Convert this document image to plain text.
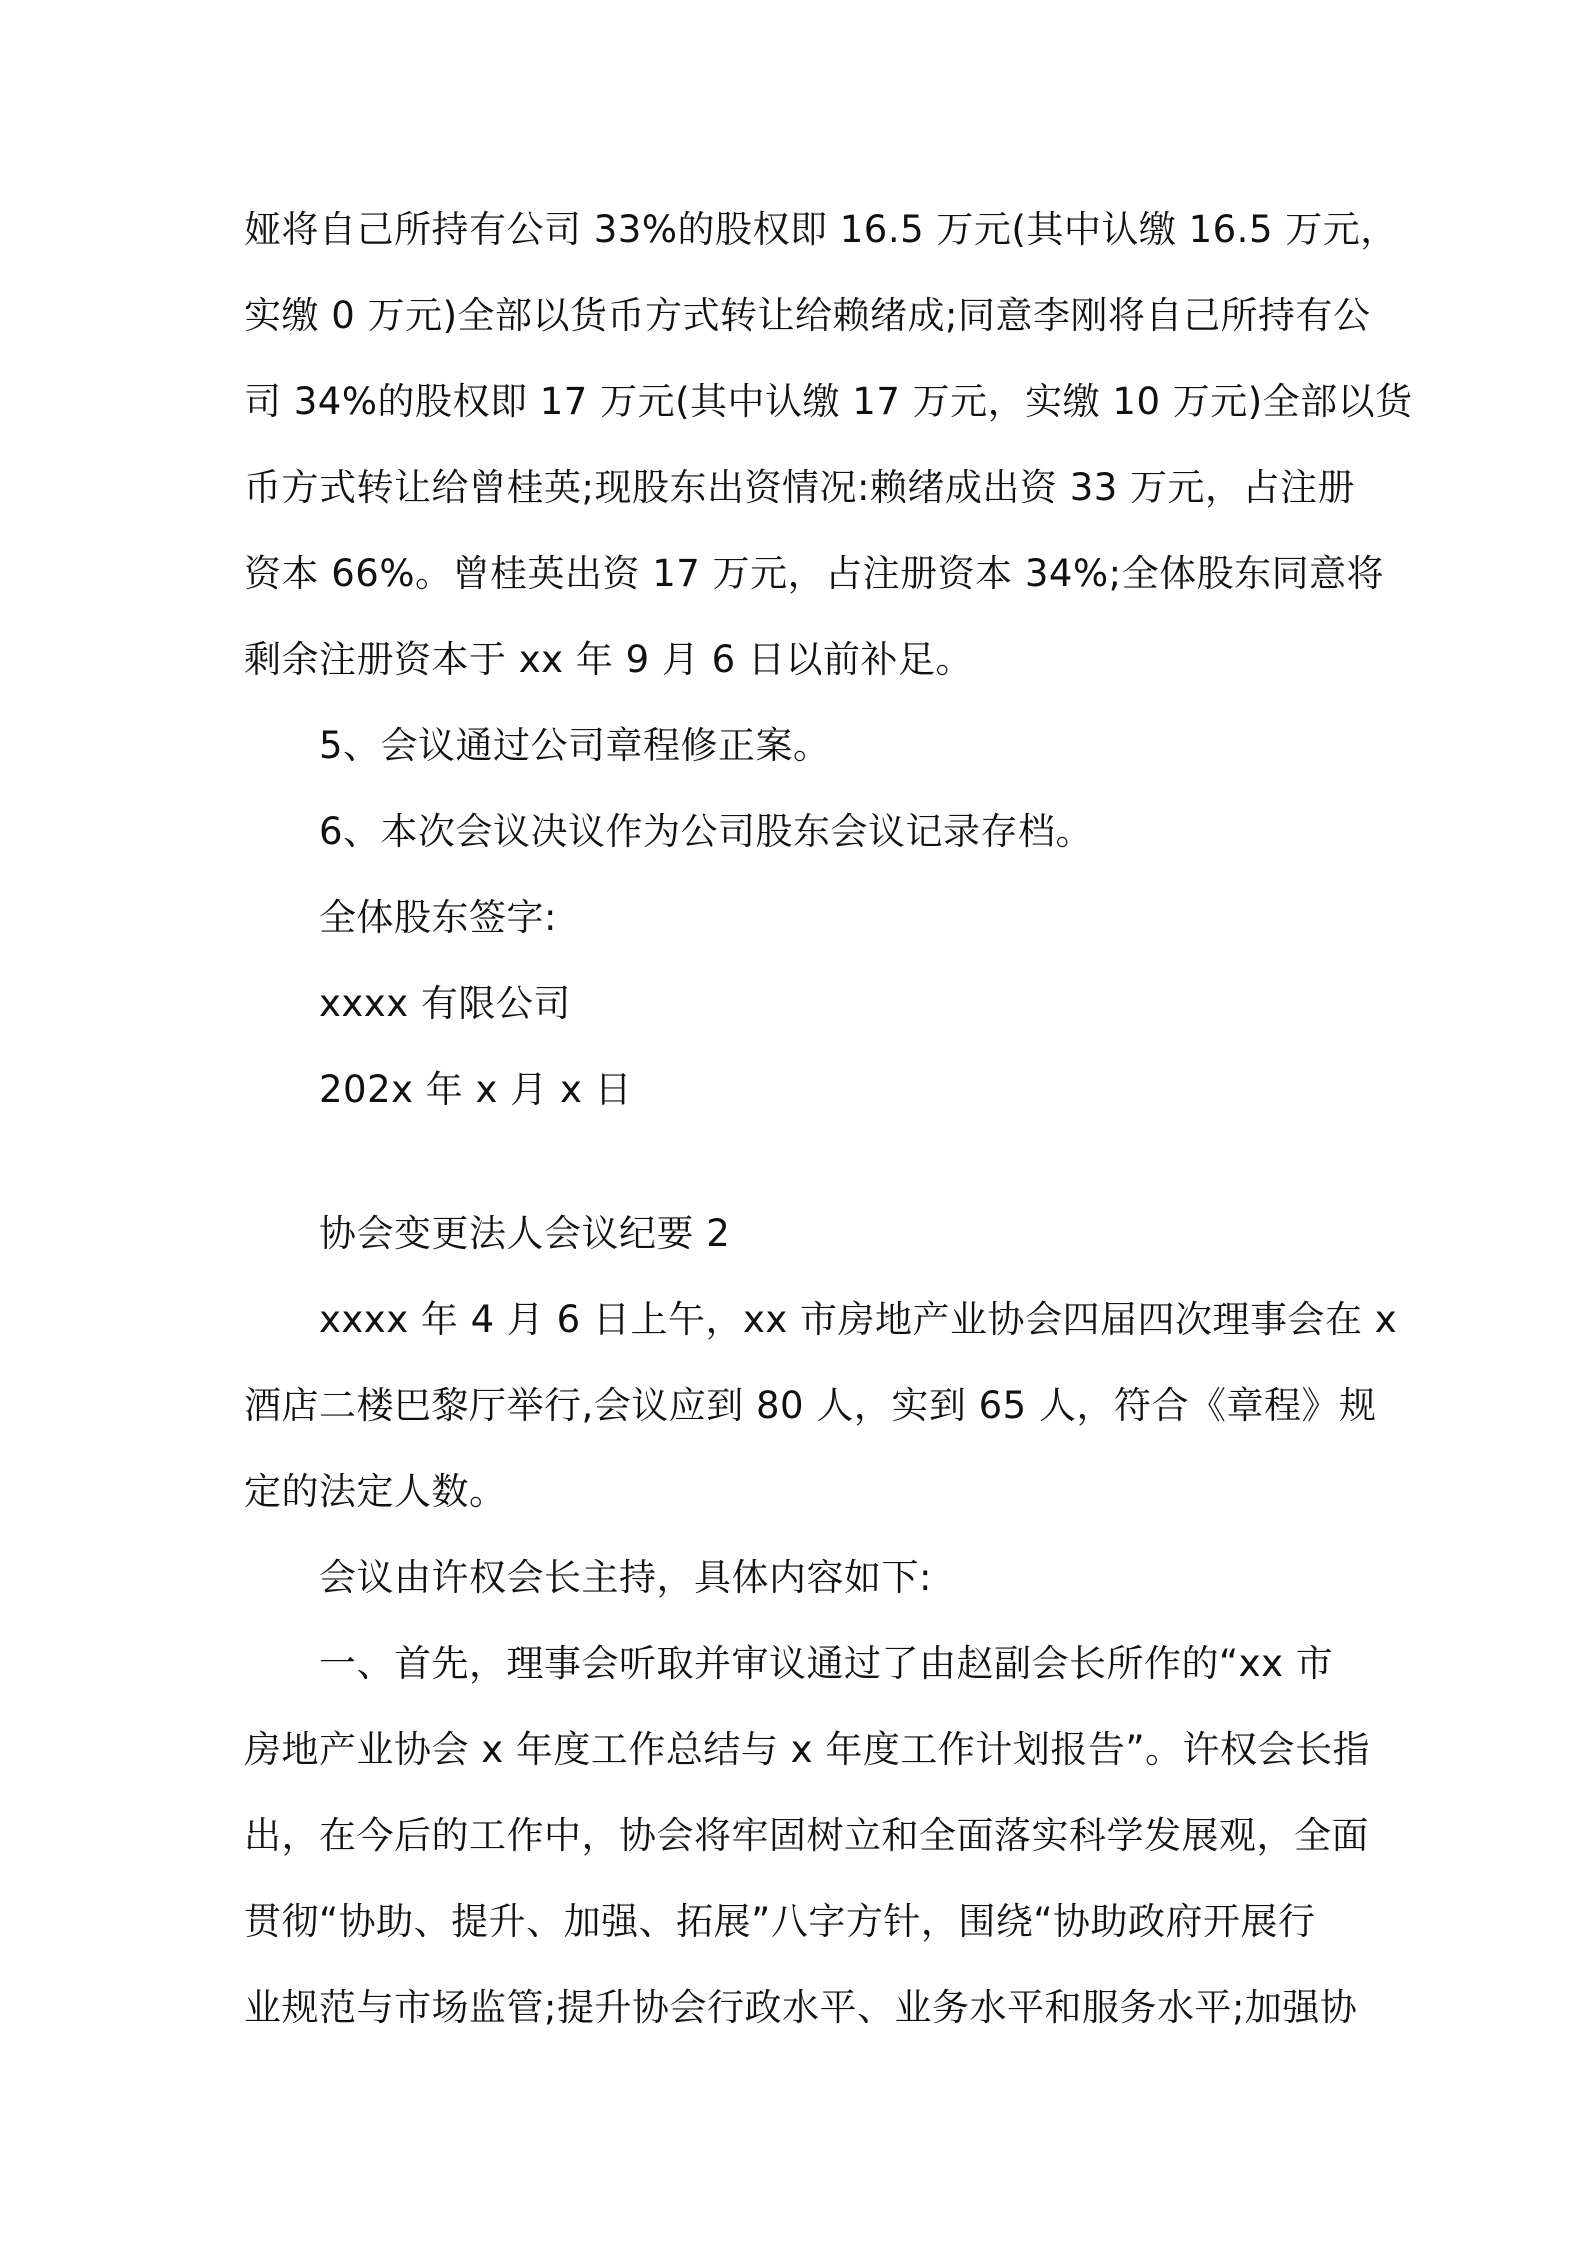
娅将自己所持有公司 33%的股权即 16.5 万元(其中认缴 16.5 万元，
实缴 0 万元)全部以货币方式转让给赖绪成;同意李刚将自己所持有公
司 34%的股权即 17 万元(其中认缴 17 万元，实缴 10 万元)全部以货
币方式转让给曾桂英;现股东出资情况:赖绪成出资 33 万元，占注册
资本 66%。曾桂英出资 17 万元，占注册资本 34%;全体股东同意将
剩余注册资本于 xx 年 9 月 6 日以前补足。
5、会议通过公司章程修正案。
6、本次会议决议作为公司股东会议记录存档。
全体股东签字:
xxxx 有限公司
202x 年 x 月 x 日
协会变更法人会议纪要 2
xxxx 年 4 月 6 日上午，xx 市房地产业协会四届四次理事会在 x
酒店二楼巴黎厅举行,会议应到 80 人，实到 65 人，符合《章程》规
定的法定人数。
会议由许权会长主持，具体内容如下:
一、首先，理事会听取并审议通过了由赵副会长所作的“xx 市
房地产业协会 x 年度工作总结与 x 年度工作计划报告”。许权会长指
出，在今后的工作中，协会将牢固树立和全面落实科学发展观，全面
贯彻“协助、提升、加强、拓展”八字方针，围绕“协助政府开展行
业规范与市场监管;提升协会行政水平、业务水平和服务水平;加强协
